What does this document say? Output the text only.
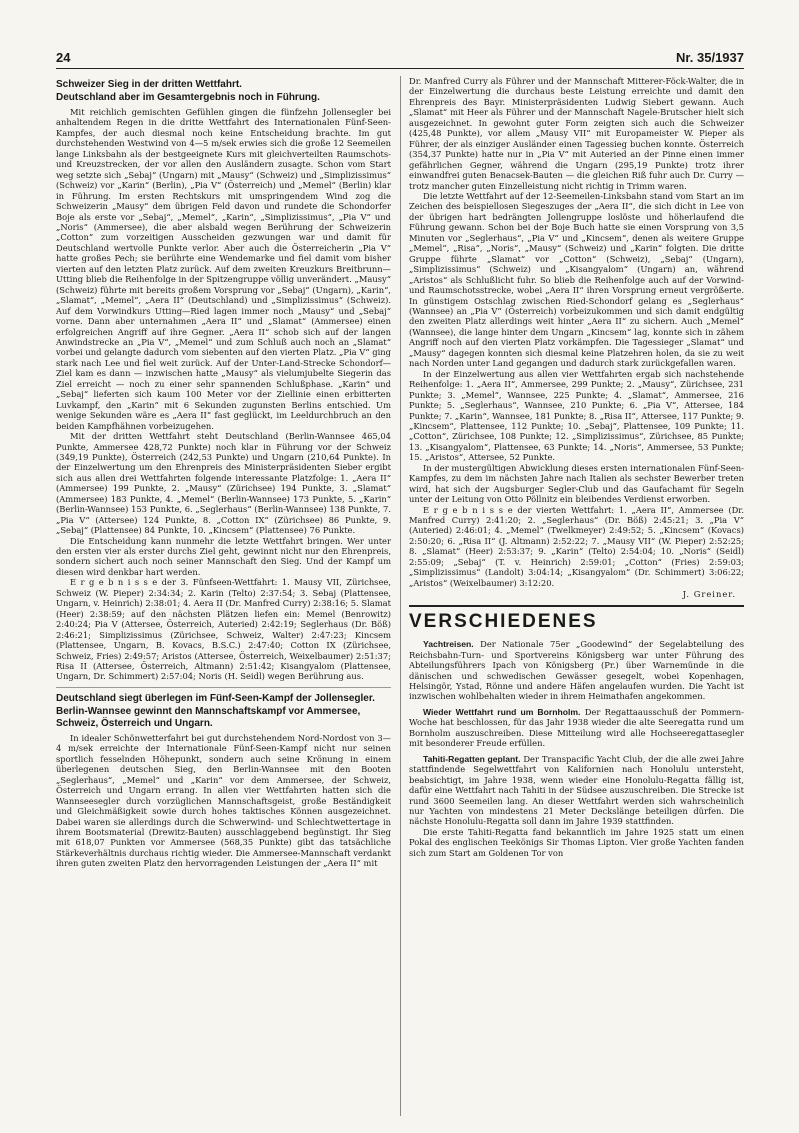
24	Nr. 35/1937
Schweizer Sieg in der dritten Wettfahrt.
Deutschland aber im Gesamtergebnis noch in Führung.

Mit reichlich gemischten Gefühlen gingen die fünfzehn Jollensegler bei anhaltendem Regen in die dritte Wettfahrt des Internationalen Fünf-Seen-Kampfes, der auch diesmal noch keine Entscheidung brachte. Im gut durchstehenden Westwind von 4—5 m/sek erwies sich die große 12 Seemeilen lange Linksbahn als der bestgeeignete Kurs mit gleichverteilten Raumschots- und Kreuzstrecken, der vor allen den Ausländern zusagte. Schon vom Start weg setzte sich „Sebaj“ (Ungarn) mit „Mausy“ (Schweiz) und „Simplizissimus“ (Schweiz) vor „Karin“ (Berlin), „Pia V“ (Österreich) und „Memel“ (Berlin) klar in Führung. Im ersten Rechtskurs mit umspringendem Wind zog die Schweizerin „Mausy“ dem übrigen Feld davon und rundete die Schondorfer Boje als erste vor „Sebaj“, „Memel“, „Karin“, „Simplizissimus“, „Pia V“ und „Noris“ (Ammersee), die aber alsbald wegen Berührung der Schweizerin „Cotton“ zum vorzeitigen Ausscheiden gezwungen war und damit für Deutschland wertvolle Punkte verlor. Aber auch die Österreicherin „Pia V“ hatte großes Pech; sie berührte eine Wendemarke und fiel damit vom bisher vierten auf den letzten Platz zurück. Auf dem zweiten Kreuzkurs Breitbrunn—Utting blieb die Reihenfolge in der Spitzengruppe völlig unverändert. „Mausy“ (Schweiz) führte mit bereits großem Vorsprung vor „Sebaj“ (Ungarn), „Karin“, „Slamat“, „Memel“, „Aera II“ (Deutschland) und „Simplizissimus“ (Schweiz). Auf dem Vorwindkurs Utting—Ried lagen immer noch „Mausy“ und „Sebaj“ vorne. Dann aber unternahmen „Aera II“ und „Slamat“ (Ammersee) einen erfolgreichen Angriff auf ihre Gegner. „Aera II“ schob sich auf der langen Anwindstrecke an „Pia V“, „Memel“ und zum Schluß auch noch an „Slamat“ vorbei und gelangte dadurch vom siebenten auf den vierten Platz. „Pia V“ ging stark nach Lee und fiel weit zurück. Auf der Unter-Land-Strecke Schondorf—Ziel kam es dann — inzwischen hatte „Mausy“ als vielumjubelte Siegerin das Ziel erreicht — noch zu einer sehr spannenden Schlußphase. „Karin“ und „Sebaj“ lieferten sich kaum 100 Meter vor der Ziellinie einen erbitterten Luvkampf, den „Karin“ mit 6 Sekunden zugunsten Berlins entschied. Um wenige Sekunden wäre es „Aera II“ fast geglückt, im Leeldurchbruch an den beiden Kampfhähnen vorbeizugehen.

Mit der dritten Wettfahrt steht Deutschland (Berlin-Wannsee 465,04 Punkte, Ammersee 428,72 Punkte) noch klar in Führung vor der Schweiz (349,19 Punkte), Österreich (242,53 Punkte) und Ungarn (210,64 Punkte). In der Einzelwertung um den Ehrenpreis des Ministerpräsidenten Sieber ergibt sich aus allen drei Wettfahrten folgende interessante Platzfolge: 1. „Aera II“ (Ammersee) 199 Punkte, 2. „Mausy“ (Zürichsee) 194 Punkte, 3. „Slamat“ (Ammersee) 183 Punkte, 4. „Memel“ (Berlin-Wannsee) 173 Punkte, 5. „Karin“ (Berlin-Wannsee) 153 Punkte, 6. „Seglerhaus“ (Berlin-Wannsee) 138 Punkte, 7. „Pia V“ (Attersee) 124 Punkte, 8. „Cotton IX“ (Zürichsee) 86 Punkte, 9. „Sebaj“ (Plattensee) 84 Punkte, 10. „Kincsem“ (Plattensee) 76 Punkte.

Die Entscheidung kann nunmehr die letzte Wettfahrt bringen. Wer unter den ersten vier als erster durchs Ziel geht, gewinnt nicht nur den Ehrenpreis, sondern sichert auch noch seiner Mannschaft den Sieg. Und der Kampf um diesen wird denkbar hart werden.

E r g e b n i s s e der 3. Fünfseen-Wettfahrt: 1. Mausy VII, Zürichsee, Schweiz (W. Pieper) 2:34:34; 2. Karin (Telto) 2:37:54; 3. Sebaj (Plattensee, Ungarn, v. Heinrich) 2:38:01; 4. Aera II (Dr. Manfred Curry) 2:38:16; 5. Slamat (Heer) 2:38:59; auf den nächsten Plätzen liefen ein: Memel (Benrowitz) 2:40:24; Pia V (Attersee, Österreich, Auteried) 2:42:19; Seglerhaus (Dr. Böß) 2:46:21; Simplizissimus (Zürichsee, Schweiz, Walter) 2:47:23; Kincsem (Plattensee, Ungarn, B. Kovacs, B.S.C.) 2:47:40; Cotton IX (Zürichsee, Schweiz, Fries) 2:49:57; Aristos (Attersee, Österreich, Weixelbaumer) 2:51:37; Risa II (Attersee, Österreich, Altmann) 2:51:42; Kisangyalom (Plattensee, Ungarn, Dr. Schimmert) 2:57:04; Noris (H. Seidl) wegen Berührung aus.

Deutschland siegt überlegen im Fünf-Seen-Kampf der Jollensegler.
Berlin-Wannsee gewinnt den Mannschaftskampf vor Ammersee, Schweiz, Österreich und Ungarn.

In idealer Schönwetterfahrt bei gut durchstehendem Nord-Nordost von 3—4 m/sek erreichte der Internationale Fünf-Seen-Kampf nicht nur seinen sportlich fesselnden Höhepunkt, sondern auch seine Krönung in einem überlegenen deutschen Sieg, den Berlin-Wannsee mit den Booten „Seglerhaus“, „Memel“ und „Karin“ vor dem Ammersee, der Schweiz, Österreich und Ungarn errang. In allen vier Wettfahrten hatten sich die Wannseesegler durch vorzüglichen Mannschaftsgeist, große Beständigkeit und Gleichmäßigkeit sowie durch hohes taktisches Können ausgezeichnet. Dabei waren sie allerdings durch die Schwerwind- und Schlechtwettertage in ihrem Bootsmaterial (Drewitz-Bauten) ausschlaggebend begünstigt. Ihr Sieg mit 618,07 Punkten vor Ammersee (568,35 Punkte) gibt das tatsächliche Stärkeverhältnis durchaus richtig wieder. Die Ammersee-Mannschaft verdankt ihren guten zweiten Platz den hervorragenden Leistungen der „Aera II“ mit

Dr. Manfred Curry als Führer und der Mannschaft Mitterer-Föck-Walter, die in der Einzelwertung die durchaus beste Leistung erreichte und damit den Ehrenpreis des Bayr. Ministerpräsidenten Ludwig Siebert gewann. Auch „Slamat“ mit Heer als Führer und der Mannschaft Nagele-Brutscher hielt sich ausgezeichnet. In gewohnt guter Form zeigten sich auch die Schweizer (425,48 Punkte), vor allem „Mausy VII“ mit Europameister W. Pieper als Führer, der als einziger Ausländer einen Tagessieg buchen konnte. Österreich (354,37 Punkte) hatte nur in „Pia V“ mit Auteried an der Pinne einen immer gefährlichen Gegner, während die Ungarn (295,19 Punkte) trotz ihrer einwandfrei guten Benacsek-Bauten — die gleichen Riß fuhr auch Dr. Curry — trotz mancher guten Einzelleistung nicht richtig in Trimm waren.

Die letzte Wettfahrt auf der 12-Seemeilen-Linksbahn stand vom Start an im Zeichen des beispiellosen Siegeszuges der „Aera II“, die sich dicht in Lee von der übrigen hart bedrängten Jollengruppe loslöste und höherlaufend die Führung gewann. Schon bei der Boje Buch hatte sie einen Vorsprung von 3,5 Minuten vor „Seglerhaus“, „Pia V“ und „Kincsem“, denen als weitere Gruppe „Memel“, „Risa“, „Noris“, „Mausy“ (Schweiz) und „Karin“ folgten. Die dritte Gruppe führte „Slamat“ vor „Cotton“ (Schweiz), „Sebaj“ (Ungarn), „Simplizissimus“ (Schweiz) und „Kisangyalom“ (Ungarn) an, während „Aristos“ als Schlußlicht fuhr. So blieb die Reihenfolge auch auf der Vorwind- und Raumschotsstrecke, wobei „Aera II“ ihren Vorsprung erneut vergrößerte. In günstigem Ostschlag zwischen Ried-Schondorf gelang es „Seglerhaus“ (Wannsee) an „Pia V“ (Österreich) vorbeizukommen und sich damit endgültig den zweiten Platz allerdings weit hinter „Aera II“ zu sichern. Auch „Memel“ (Wannsee), die lange hinter dem Ungarn „Kincsem“ lag, konnte sich in zähem Angriff noch auf den vierten Platz vorkämpfen. Die Tagessieger „Slamat“ und „Mausy“ dagegen konnten sich diesmal keine Platzehren holen, da sie zu weit nach Norden unter Land gegangen und dadurch stark zurückgefallen waren.

In der Einzelwertung aus allen vier Wettfahrten ergab sich nachstehende Reihenfolge: 1. „Aera II“, Ammersee, 299 Punkte; 2. „Mausy“, Zürichsee, 231 Punkte; 3. „Memel“, Wannsee, 225 Punkte; 4. „Slamat“, Ammersee, 216 Punkte; 5. „Seglerhaus“, Wannsee, 210 Punkte; 6. „Pia V“, Attersee, 184 Punkte; 7. „Karin“, Wannsee, 181 Punkte; 8. „Risa II“, Attersee, 117 Punkte; 9. „Kincsem“, Plattensee, 112 Punkte; 10. „Sebaj“, Plattensee, 109 Punkte; 11. „Cotton“, Zürichsee, 108 Punkte; 12. „Simplizissimus“, Zürichsee, 85 Punkte; 13. „Kisangyalom“, Plattensee, 63 Punkte; 14. „Noris“, Ammersee, 53 Punkte; 15. „Aristos“, Attersee, 52 Punkte.

In der mustergültigen Abwicklung dieses ersten internationalen Fünf-Seen-Kampfes, zu dem im nächsten Jahre nach Italien als sechster Bewerber treten wird, hat sich der Augsburger Segler-Club und das Gaufachamt für Segeln unter der Leitung von Otto Pöllnitz ein bleibendes Verdienst erworben.

E r g e b n i s s e der vierten Wettfahrt: 1. „Aera II“, Ammersee (Dr. Manfred Curry) 2:41:20; 2. „Seglerhaus“ (Dr. Böß) 2:45:21; 3. „Pia V“ (Auteried) 2:46:01; 4. „Memel“ (Twelkmeyer) 2:49:52; 5. „Kincsem“ (Kovacs) 2:50:20; 6. „Risa II“ (J. Altmann) 2:52:22; 7. „Mausy VII“ (W. Pieper) 2:52:25; 8. „Slamat“ (Heer) 2:53:37; 9. „Karin“ (Telto) 2:54:04; 10. „Noris“ (Seidl) 2:55:09; „Sebaj“ (T. v. Heinrich) 2:59:01; „Cotton“ (Fries) 2:59:03; „Simplizissimus“ (Landolt) 3:04:14; „Kisangyalom“ (Dr. Schimmert) 3:06:22; „Aristos“ (Weixelbaumer) 3:12:20.

J. Greiner.
VERSCHIEDENES

Yachtreisen. Der Nationale 75er „Goodewind“ der Segelabteilung des Reichsbahn-Turn- und Sportvereins Königsberg war unter Führung des Abteilungsführers Ipach von Königsberg (Pr.) über Warnemünde in die dänischen und schwedischen Gewässer gesegelt, wobei Kopenhagen, Helsingör, Ystad, Rönne und andere Häfen angelaufen wurden. Die Yacht ist inzwischen wohlbehalten wieder in ihrem Heimathafen angekommen.

Wieder Wettfahrt rund um Bornholm. Der Regattaausschuß der Pommern-Woche hat beschlossen, für das Jahr 1938 wieder die alte Seeregatta rund um Bornholm auszuschreiben. Diese Mitteilung wird alle Hochseeregattasegler mit besonderer Freude erfüllen.

Tahiti-Regatten geplant. Der Transpacific Yacht Club, der die alle zwei Jahre stattfindende Segelwettfahrt von Kalifornien nach Honolulu untersteht, beabsichtigt, im Jahre 1938, wenn wieder eine Honolulu-Regatta fällig ist, dafür eine Wettfahrt nach Tahiti in der Südsee auszuschreiben. Die Strecke ist rund 3600 Seemeilen lang. An dieser Wettfahrt werden sich wahrscheinlich nur Yachten von mindestens 21 Meter Deckslänge beteiligen dürfen. Die nächste Honolulu-Regatta soll dann im Jahre 1939 stattfinden.

Die erste Tahiti-Regatta fand bekanntlich im Jahre 1925 statt um einen Pokal des englischen Teekönigs Sir Thomas Lipton. Vier große Yachten fanden sich zum Start am Goldenen Tor von
